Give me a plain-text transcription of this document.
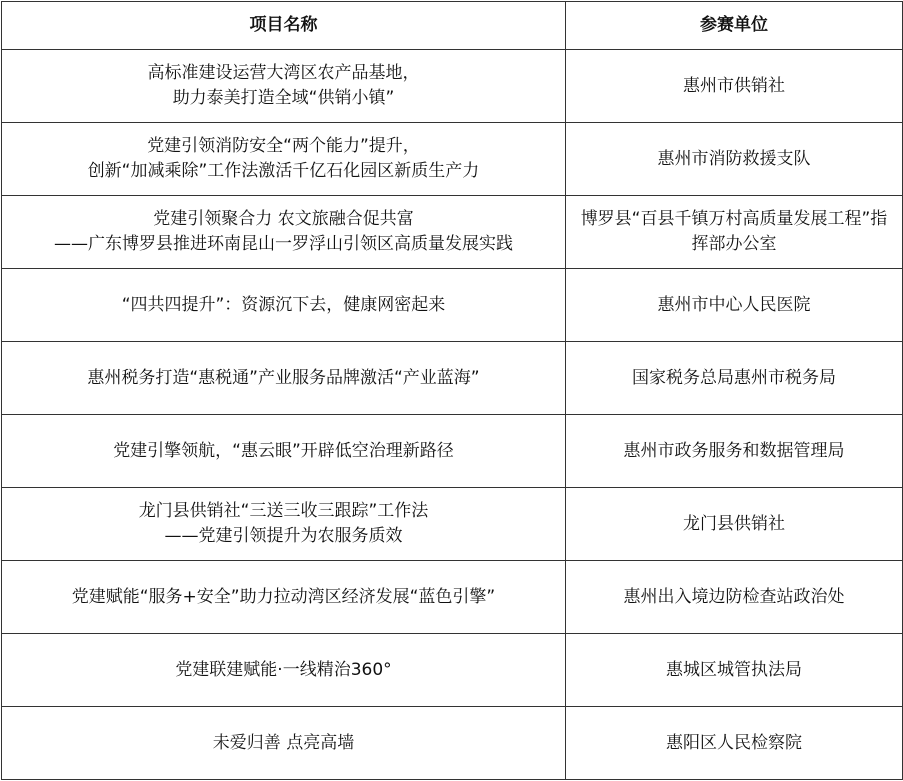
项目名称	参赛单位

高标准建设运营大湾区农产品基地，
助力泰美打造全域“供销小镇”	惠州市供销社

党建引领消防安全“两个能力”提升，
创新“加减乘除”工作法激活千亿石化园区新质生产力	惠州市消防救援支队

党建引领聚合力 农文旅融合促共富
——广东博罗县推进环南昆山一罗浮山引领区高质量发展实践	博罗县“百县千镇万村高质量发展工程”指挥部办公室

“四共四提升”：资源沉下去，健康网密起来	惠州市中心人民医院

惠州税务打造“惠税通”产业服务品牌激活“产业蓝海”	国家税务总局惠州市税务局

党建引擎领航，“惠云眼”开辟低空治理新路径	惠州市政务服务和数据管理局

龙门县供销社“三送三收三跟踪”工作法
——党建引领提升为农服务质效	龙门县供销社

党建赋能“服务+安全”助力拉动湾区经济发展“蓝色引擎”	惠州出入境边防检查站政治处

党建联建赋能·一线精治360°	惠城区城管执法局

未爱归善 点亮高墙	惠阳区人民检察院
